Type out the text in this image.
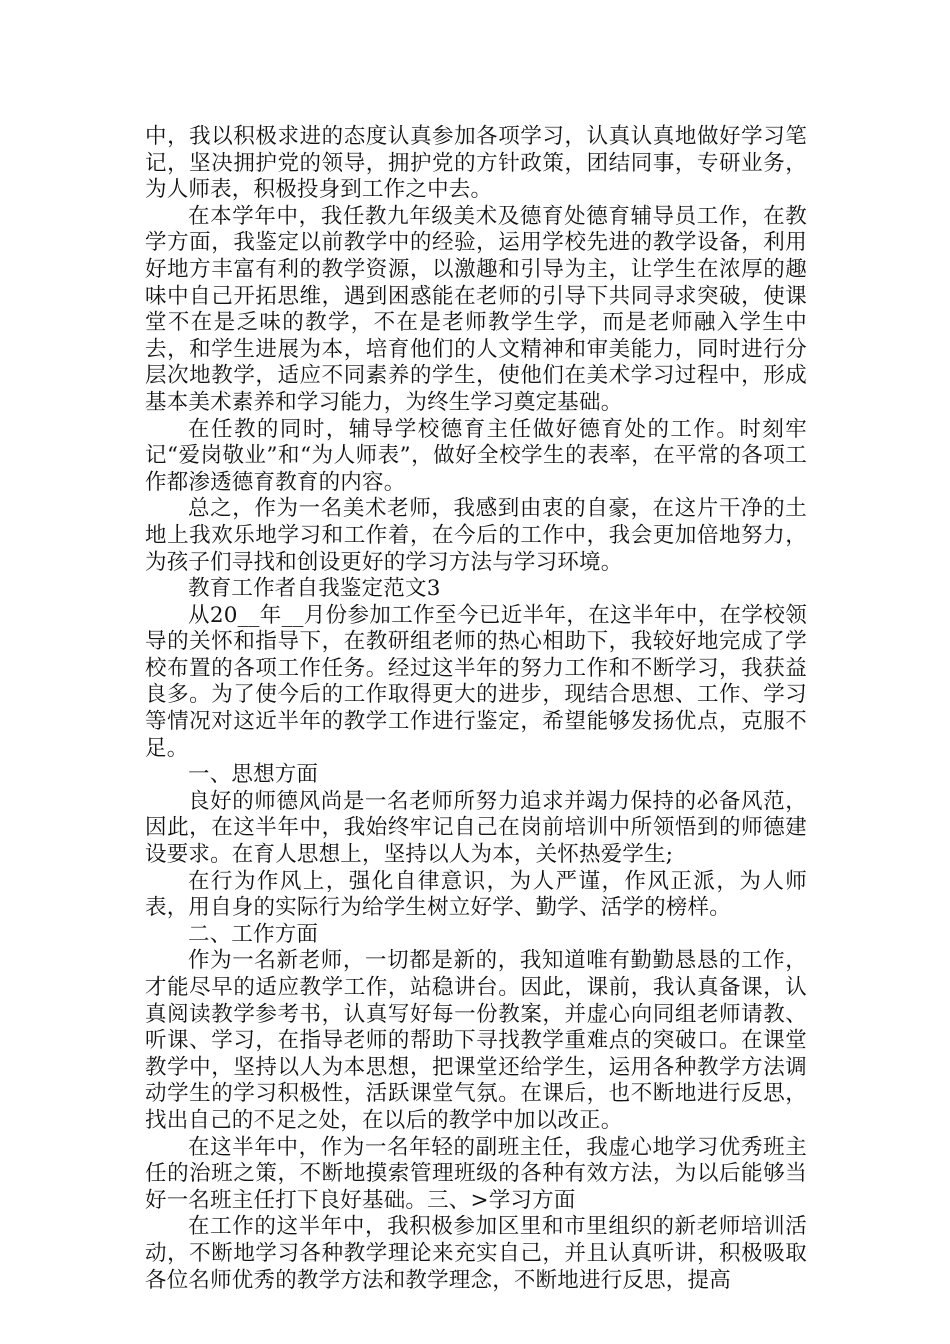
中，我以积极求进的态度认真参加各项学习，认真认真地做好学习笔记，坚决拥护党的领导，拥护党的方针政策，团结同事，专研业务，为人师表，积极投身到工作之中去。

在本学年中，我任教九年级美术及德育处德育辅导员工作，在教学方面，我鉴定以前教学中的经验，运用学校先进的教学设备，利用好地方丰富有利的教学资源，以激趣和引导为主，让学生在浓厚的趣味中自己开拓思维，遇到困惑能在老师的引导下共同寻求突破，使课堂不在是乏味的教学，不在是老师教学生学，而是老师融入学生中去，和学生进展为本，培育他们的人文精神和审美能力，同时进行分层次地教学，适应不同素养的学生，使他们在美术学习过程中，形成基本美术素养和学习能力，为终生学习奠定基础。

在任教的同时，辅导学校德育主任做好德育处的工作。时刻牢记“爱岗敬业”和“为人师表”，做好全校学生的表率，在平常的各项工作都渗透德育教育的内容。

总之，作为一名美术老师，我感到由衷的自豪，在这片干净的土地上我欢乐地学习和工作着，在今后的工作中，我会更加倍地努力，为孩子们寻找和创设更好的学习方法与学习环境。

教育工作者自我鉴定范文3

从20__年__月份参加工作至今已近半年，在这半年中，在学校领导的关怀和指导下，在教研组老师的热心相助下，我较好地完成了学校布置的各项工作任务。经过这半年的努力工作和不断学习，我获益良多。为了使今后的工作取得更大的进步，现结合思想、工作、学习等情况对这近半年的教学工作进行鉴定，希望能够发扬优点，克服不足。

一、思想方面

良好的师德风尚是一名老师所努力追求并竭力保持的必备风范，因此，在这半年中，我始终牢记自己在岗前培训中所领悟到的师德建设要求。在育人思想上，坚持以人为本，关怀热爱学生;

在行为作风上，强化自律意识，为人严谨，作风正派，为人师表，用自身的实际行为给学生树立好学、勤学、活学的榜样。

二、工作方面

作为一名新老师，一切都是新的，我知道唯有勤勤恳恳的工作，才能尽早的适应教学工作，站稳讲台。因此，课前，我认真备课，认真阅读教学参考书，认真写好每一份教案，并虚心向同组老师请教、听课、学习，在指导老师的帮助下寻找教学重难点的突破口。在课堂教学中，坚持以人为本思想，把课堂还给学生，运用各种教学方法调动学生的学习积极性，活跃课堂气氛。在课后，也不断地进行反思，找出自己的不足之处，在以后的教学中加以改正。

在这半年中，作为一名年轻的副班主任，我虚心地学习优秀班主任的治班之策，不断地摸索管理班级的各种有效方法，为以后能够当好一名班主任打下良好基础。三、>学习方面

在工作的这半年中，我积极参加区里和市里组织的新老师培训活动，不断地学习各种教学理论来充实自己，并且认真听讲，积极吸取各位名师优秀的教学方法和教学理念，不断地进行反思，提高
